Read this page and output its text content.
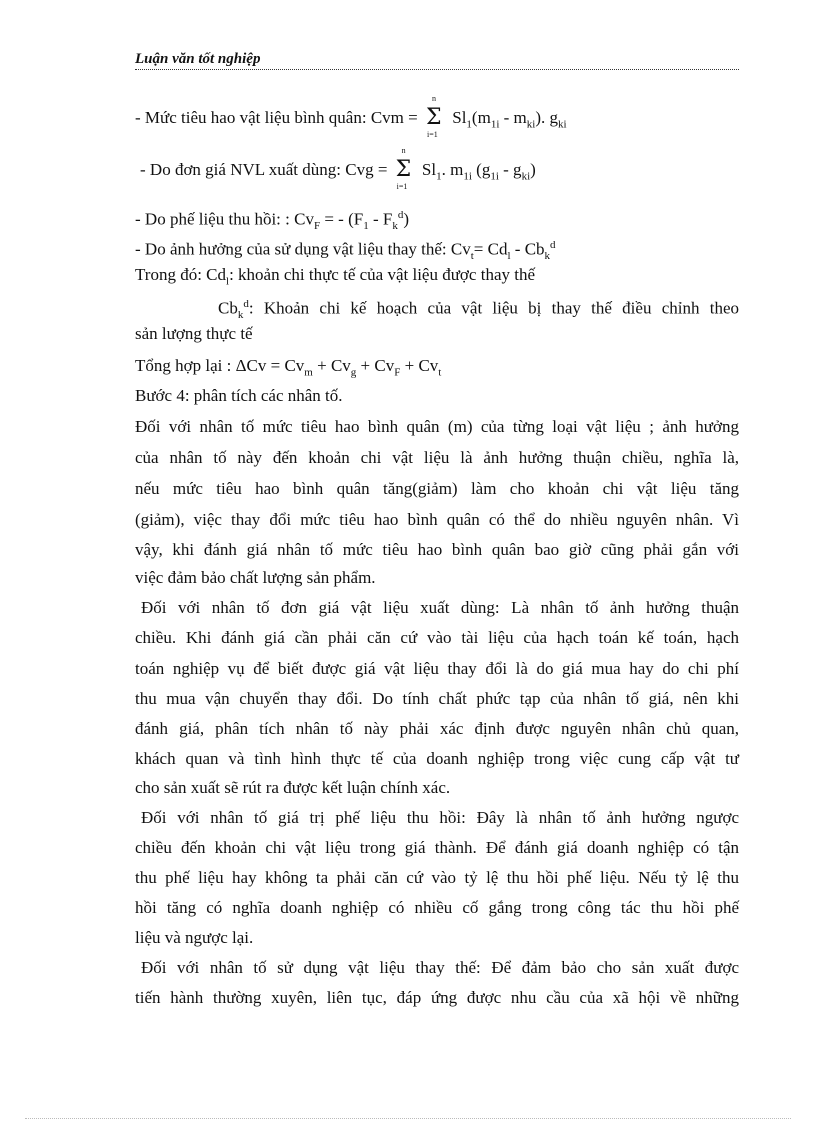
Luận văn tốt nghiệp
- Mức tiêu hao vật liệu bình quân: Cvm =
n
Σ
i=1
$Sl_1(m_{1i} - m_{ki})$. $g_{ki}$
- Do đơn giá NVL xuất dùng: Cvg =
n
Σ
i=1
$Sl_1$. $m_{1i}$ $(g_{1i} - g_{ki})$
- Do phế liệu thu hồi: : $Cv_F$ = - $(F_1 - F_k^d)$
- Do ảnh hưởng của sử dụng vật liệu thay thế: $Cv_t= Cd_l - Cb_k^d$
Trong đó: $Cd_l$: khoản chi thực tế của vật liệu được thay thế
$Cb_k^d$: Khoản chi kế hoạch của vật liệu bị thay thế điều chỉnh theo
sản lượng thực tế
Tổng hợp lại : $\Delta Cv = Cv_m + Cv_g + Cv_F + Cv_t$
Bước 4: phân tích các nhân tố.
Đối với nhân tố mức tiêu hao bình quân (m) của từng loại vật liệu ; ảnh hưởng
của nhân tố này đến khoản chi vật liệu là ảnh hưởng thuận chiều, nghĩa là,
nếu mức tiêu hao bình quân tăng(giảm) làm cho khoản chi vật liệu tăng
(giảm), việc thay đổi mức tiêu hao bình quân có thể do nhiều nguyên nhân. Vì
vậy, khi đánh giá nhân tố mức tiêu hao bình quân bao giờ cũng phải gắn với
việc đảm bảo chất lượng sản phẩm.
Đối với nhân tố đơn giá vật liệu xuất dùng: Là nhân tố ảnh hưởng thuận
chiều. Khi đánh giá cần phải căn cứ vào tài liệu của hạch toán kế toán, hạch
toán nghiệp vụ để biết được giá vật liệu thay đổi là do giá mua hay do chi phí
thu mua vận chuyển thay đổi. Do tính chất phức tạp của nhân tố giá, nên khi
đánh giá, phân tích nhân tố này phải xác định được nguyên nhân chủ quan,
khách quan và tình hình thực tế của doanh nghiệp trong việc cung cấp vật tư
cho sản xuất sẽ rút ra được kết luận chính xác.
Đối với nhân tố giá trị phế liệu thu hồi: Đây là nhân tố ảnh hưởng ngược
chiều đến khoản chi vật liệu trong giá thành. Để đánh giá doanh nghiệp có tận
thu phế liệu hay không ta phải căn cứ vào tỷ lệ thu hồi phế liệu. Nếu tỷ lệ thu
hồi tăng có nghĩa doanh nghiệp có nhiều cố gắng trong công tác thu hồi phế
liệu và ngược lại.
Đối với nhân tố sử dụng vật liệu thay thế: Để đảm bảo cho sản xuất được
tiến hành thường xuyên, liên tục, đáp ứng được nhu cầu của xã hội về những
